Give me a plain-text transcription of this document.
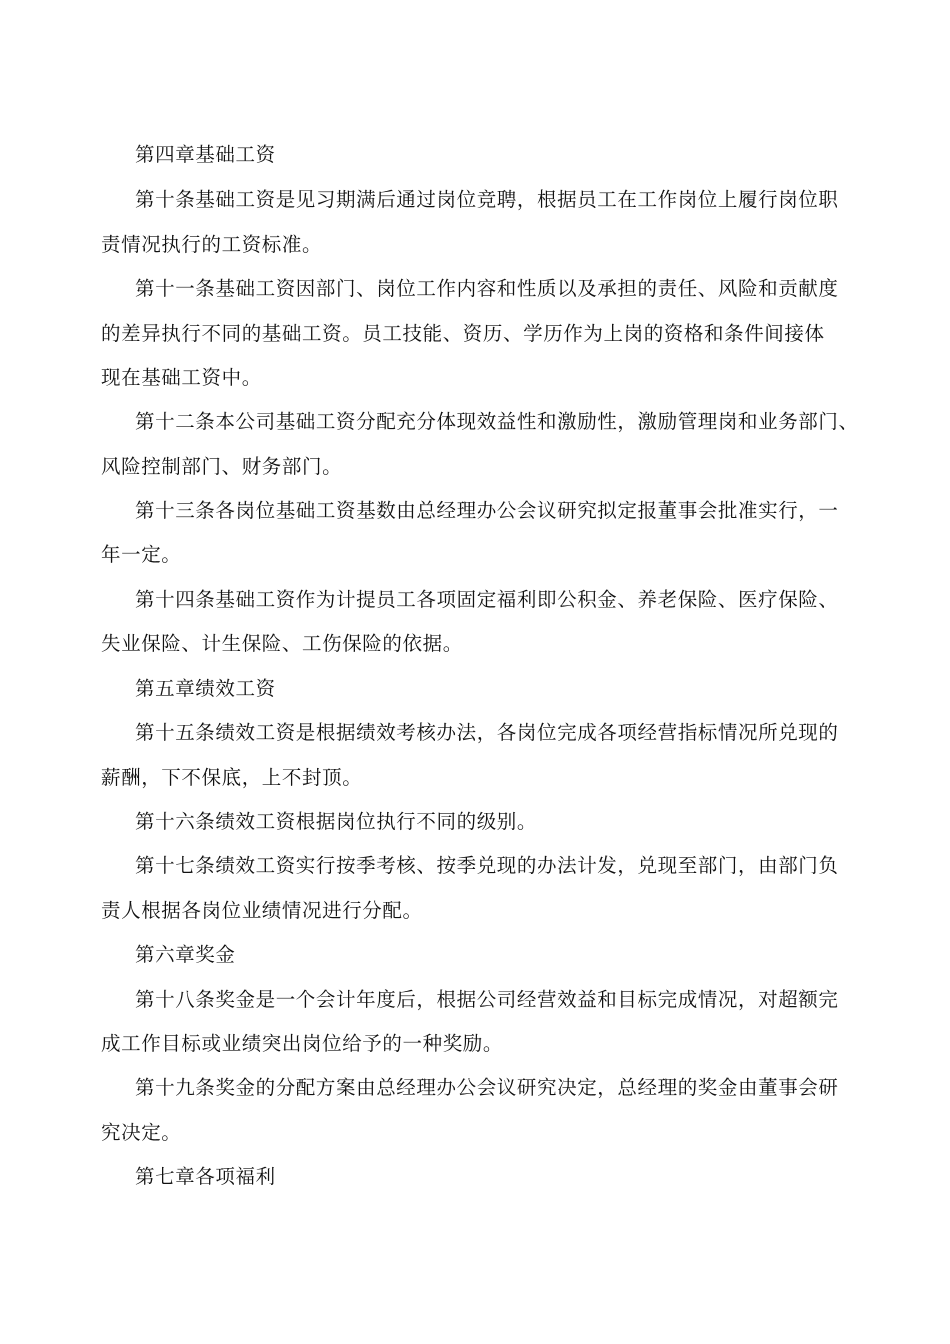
第四章基础工资
第十条基础工资是见习期满后通过岗位竞聘，根据员工在工作岗位上履行岗位职
责情况执行的工资标准。
第十一条基础工资因部门、岗位工作内容和性质以及承担的责任、风险和贡献度
的差异执行不同的基础工资。员工技能、资历、学历作为上岗的资格和条件间接体
现在基础工资中。
第十二条本公司基础工资分配充分体现效益性和激励性，激励管理岗和业务部门、
风险控制部门、财务部门。
第十三条各岗位基础工资基数由总经理办公会议研究拟定报董事会批准实行，一
年一定。
第十四条基础工资作为计提员工各项固定福利即公积金、养老保险、医疗保险、
失业保险、计生保险、工伤保险的依据。
第五章绩效工资
第十五条绩效工资是根据绩效考核办法，各岗位完成各项经营指标情况所兑现的
薪酬，下不保底，上不封顶。
第十六条绩效工资根据岗位执行不同的级别。
第十七条绩效工资实行按季考核、按季兑现的办法计发，兑现至部门，由部门负
责人根据各岗位业绩情况进行分配。
第六章奖金
第十八条奖金是一个会计年度后，根据公司经营效益和目标完成情况，对超额完
成工作目标或业绩突出岗位给予的一种奖励。
第十九条奖金的分配方案由总经理办公会议研究决定，总经理的奖金由董事会研
究决定。
第七章各项福利
